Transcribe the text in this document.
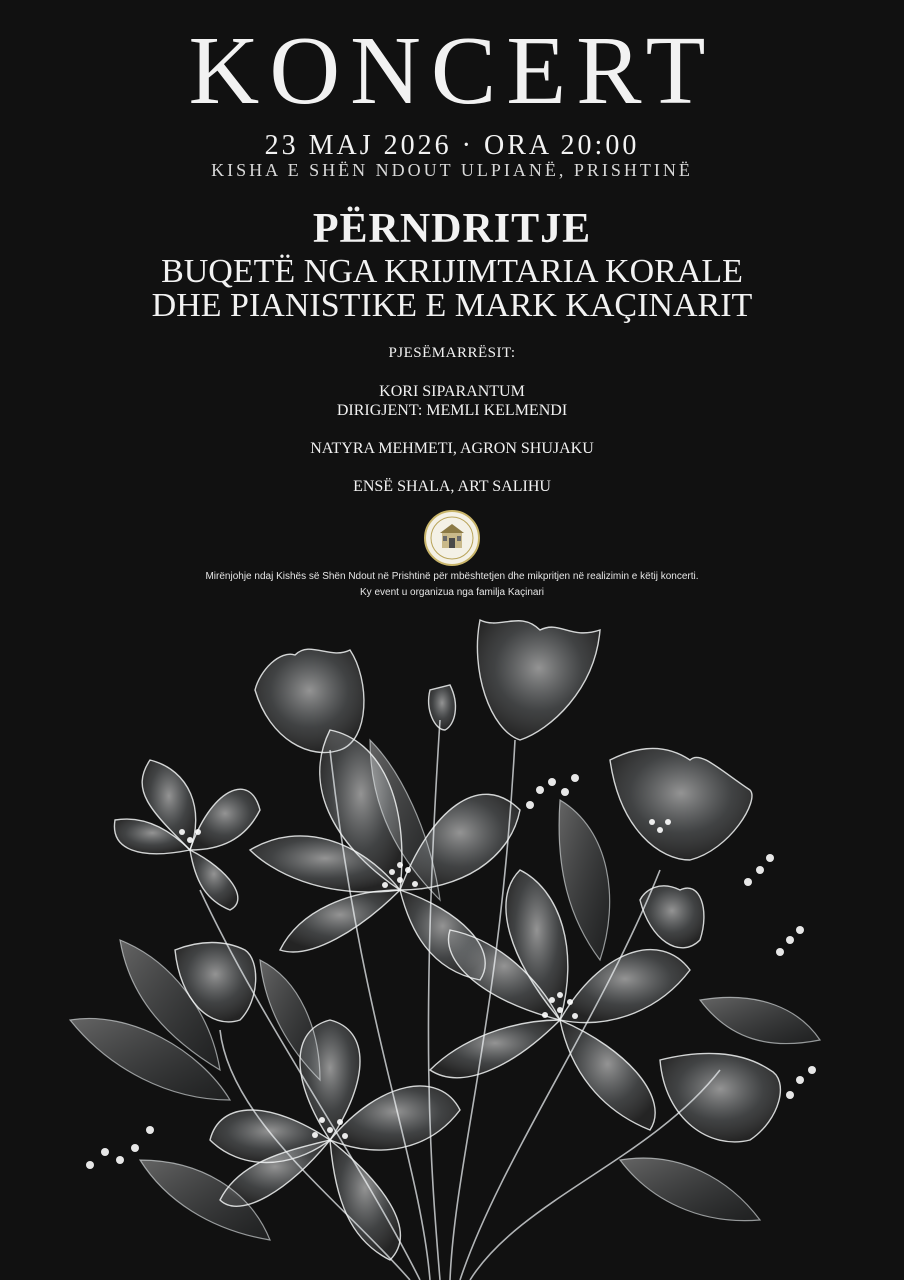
KONCERT
23 MAJ 2026 · ORA 20:00
KISHA E SHËN NDOUT ULPIANË, PRISHTINË
PËRNDRITJE
BUQETË NGA KRIJIMTARIA KORALE
DHE PIANISTIKE E MARK KAÇINARIT
PJESËMARRËSIT:
KORI SIPARANTUM
DIRIGJENT: MEMLI KELMENDI
NATYRA MEHMETI, AGRON SHUJAKU
ENSË SHALA, ART SALIHU
Mirënjohje ndaj Kishës së Shën Ndout në Prishtinë për mbështetjen dhe mikpritjen në realizimin e këtij koncerti.
Ky event u organizua nga familja Kaçinari
